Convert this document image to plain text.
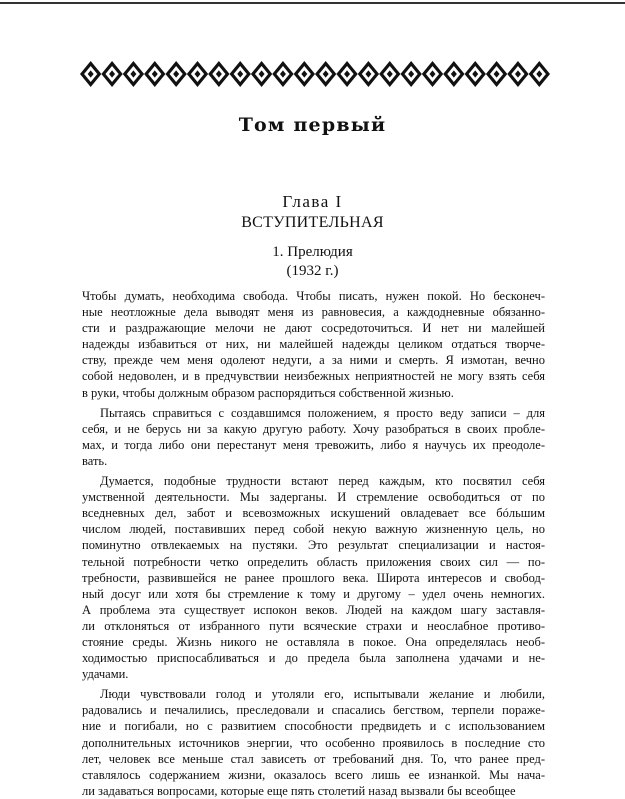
Том первый
Глава I
ВСТУПИТЕЛЬНАЯ
1. Прелюдия
(1932 г.)
Чтобы думать, необходима свобода. Чтобы писать, нужен покой. Но бесконеч-
ные неотложные дела выводят меня из равновесия, а каждодневные обязанно-
сти и раздражающие мелочи не дают сосредоточиться. И нет ни малейшей
надежды избавиться от них, ни малейшей надежды целиком отдаться творче-
ству, прежде чем меня одолеют недуги, а за ними и смерть. Я измотан, вечно
собой недоволен, и в предчувствии неизбежных неприятностей не могу взять себя
в руки, чтобы должным образом распорядиться собственной жизнью.
Пытаясь справиться с создавшимся положением, я просто веду записи – для
себя, и не берусь ни за какую другую работу. Хочу разобраться в своих пробле-
мах, и тогда либо они перестанут меня тревожить, либо я научусь их преодоле-
вать.
Думается, подобные трудности встают перед каждым, кто посвятил себя
умственной деятельности. Мы задерганы. И стремление освободиться от по
вседневных дел, забот и всевозможных искушений овладевает все бóльшим
числом людей, поставивших перед собой некую важную жизненную цель, но
поминутно отвлекаемых на пустяки. Это результат специализации и настоя-
тельной потребности четко определить область приложения своих сил — по-
требности, развившейся не ранее прошлого века. Широта интересов и свобод-
ный досуг или хотя бы стремление к тому и другому – удел очень немногих.
А проблема эта существует испокон веков. Людей на каждом шагу заставля-
ли отклоняться от избранного пути всяческие страхи и неослабное противо-
стояние среды. Жизнь никого не оставляла в покое. Она определялась необ-
ходимостью приспосабливаться и до предела была заполнена удачами и не-
удачами.
Люди чувствовали голод и утоляли его, испытывали желание и любили,
радовались и печалились, преследовали и спасались бегством, терпели пораже-
ние и погибали, но с развитием способности предвидеть и с использованием
дополнительных источников энергии, что особенно проявилось в последние сто
лет, человек все меньше стал зависеть от требований дня. То, что ранее пред-
ставлялось содержанием жизни, оказалось всего лишь ее изнанкой. Мы нача-
ли задаваться вопросами, которые еще пять столетий назад вызвали бы всеобщее
